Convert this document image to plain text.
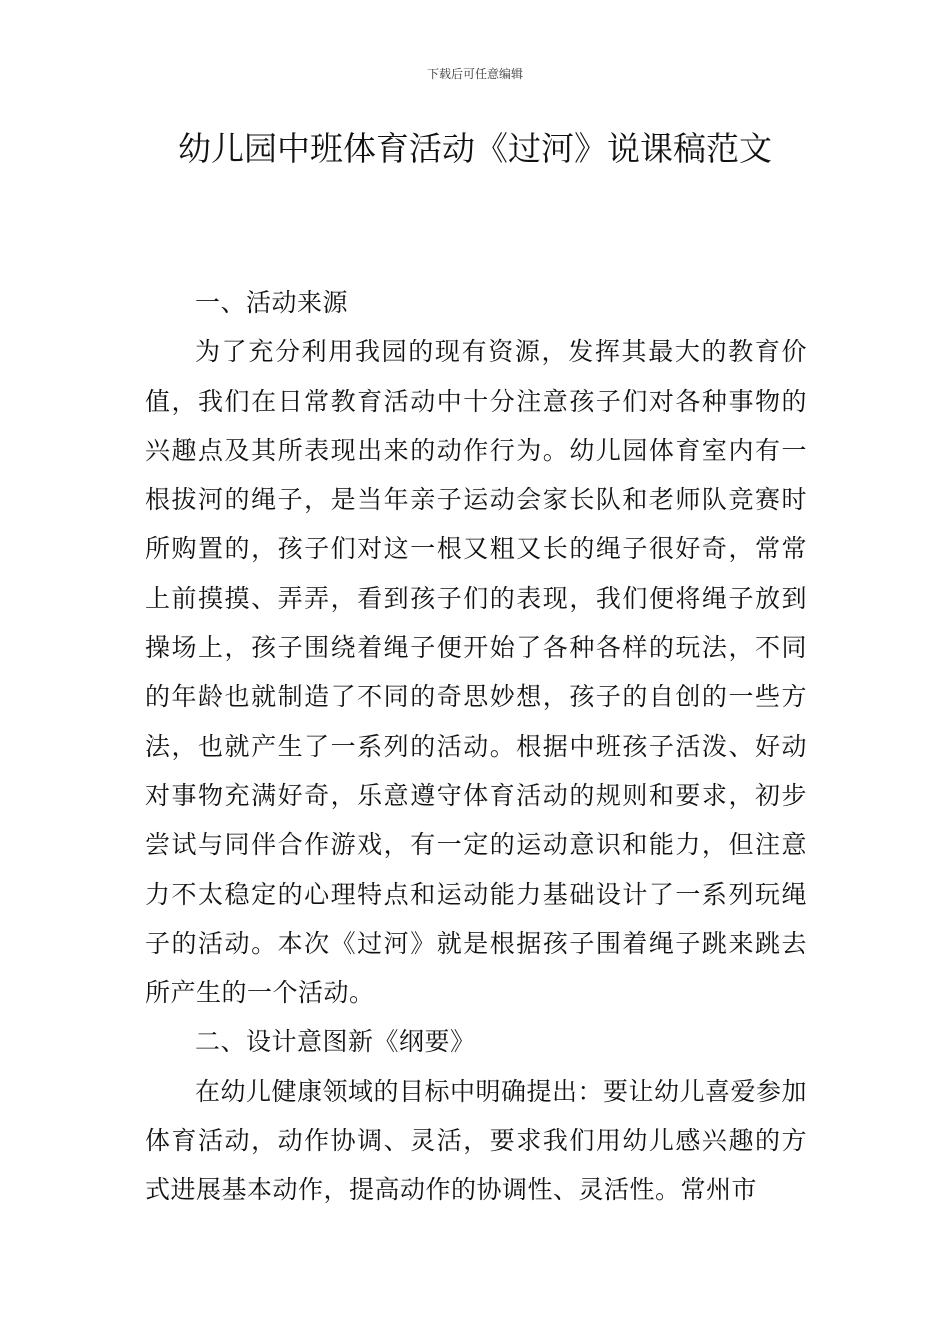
下载后可任意编辑
幼儿园中班体育活动《过河》说课稿范文

一、活动来源

为了充分利用我园的现有资源，发挥其最大的教育价值，我们在日常教育活动中十分注意孩子们对各种事物的兴趣点及其所表现出来的动作行为。幼儿园体育室内有一根拔河的绳子，是当年亲子运动会家长队和老师队竞赛时所购置的，孩子们对这一根又粗又长的绳子很好奇，常常上前摸摸、弄弄，看到孩子们的表现，我们便将绳子放到操场上，孩子围绕着绳子便开始了各种各样的玩法，不同的年龄也就制造了不同的奇思妙想，孩子的自创的一些方法，也就产生了一系列的活动。根据中班孩子活泼、好动对事物充满好奇，乐意遵守体育活动的规则和要求，初步尝试与同伴合作游戏，有一定的运动意识和能力，但注意力不太稳定的心理特点和运动能力基础设计了一系列玩绳子的活动。本次《过河》就是根据孩子围着绳子跳来跳去所产生的一个活动。

二、设计意图新《纲要》

在幼儿健康领域的目标中明确提出：要让幼儿喜爱参加体育活动，动作协调、灵活，要求我们用幼儿感兴趣的方式进展基本动作，提高动作的协调性、灵活性。常州市
